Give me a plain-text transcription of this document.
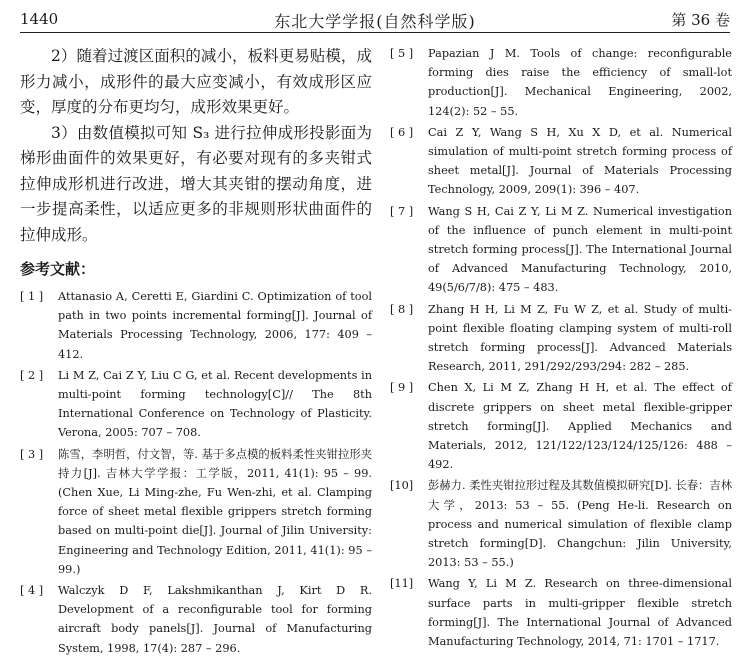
1440	东北大学学报(自然科学版)	第 36 卷

2）随着过渡区面积的减小，板料更易贴模，成形力减小，成形件的最大应变减小，有效成形区应变，厚度的分布更均匀，成形效果更好。

3）由数值模拟可知 S₃ 进行拉伸成形投影面为梯形曲面件的效果更好，有必要对现有的多夹钳式拉伸成形机进行改进，增大其夹钳的摆动角度，进一步提高柔性，以适应更多的非规则形状曲面件的拉伸成形。

参考文献：
[ 1 ] Attanasio A, Ceretti E, Giardini C. Optimization of tool path in two points incremental forming[J]. Journal of Materials Processing Technology, 2006, 177: 409 – 412.
[ 2 ] Li M Z, Cai Z Y, Liu C G, et al. Recent developments in multi-point forming technology[C]// The 8th International Conference on Technology of Plasticity. Verona, 2005: 707 – 708.
[ 3 ] 陈雪，李明哲，付文智，等. 基于多点模的板料柔性夹钳拉形夹持力[J]. 吉林大学学报：工学版，2011, 41(1): 95 – 99. (Chen Xue, Li Ming-zhe, Fu Wen-zhi, et al. Clamping force of sheet metal flexible grippers stretch forming based on multi-point die[J]. Journal of Jilin University: Engineering and Technology Edition, 2011, 41(1): 95 – 99.)
[ 4 ] Walczyk D F, Lakshmikanthan J, Kirt D R. Development of a reconfigurable tool for forming aircraft body panels[J]. Journal of Manufacturing System, 1998, 17(4): 287 – 296.
[ 5 ] Papazian J M. Tools of change: reconfigurable forming dies raise the efficiency of small-lot production[J]. Mechanical Engineering, 2002, 124(2): 52 – 55.
[ 6 ] Cai Z Y, Wang S H, Xu X D, et al. Numerical simulation of multi-point stretch forming process of sheet metal[J]. Journal of Materials Processing Technology, 2009, 209(1): 396 – 407.
[ 7 ] Wang S H, Cai Z Y, Li M Z. Numerical investigation of the influence of punch element in multi-point stretch forming process[J]. The International Journal of Advanced Manufacturing Technology, 2010, 49(5/6/7/8): 475 – 483.
[ 8 ] Zhang H H, Li M Z, Fu W Z, et al. Study of multi-point flexible floating clamping system of multi-roll stretch forming process[J]. Advanced Materials Research, 2011, 291/292/293/294: 282 – 285.
[ 9 ] Chen X, Li M Z, Zhang H H, et al. The effect of discrete grippers on sheet metal flexible-gripper stretch forming[J]. Applied Mechanics and Materials, 2012, 121/122/123/124/125/126: 488 – 492.
[10] 彭赫力. 柔性夹钳拉形过程及其数值模拟研究[D]. 长春：吉林大学，2013: 53 – 55. (Peng He-li. Research on process and numerical simulation of flexible clamp stretch forming[D]. Changchun: Jilin University, 2013: 53 – 55.)
[11] Wang Y, Li M Z. Research on three-dimensional surface parts in multi-gripper flexible stretch forming[J]. The International Journal of Advanced Manufacturing Technology, 2014, 71: 1701 – 1717.
